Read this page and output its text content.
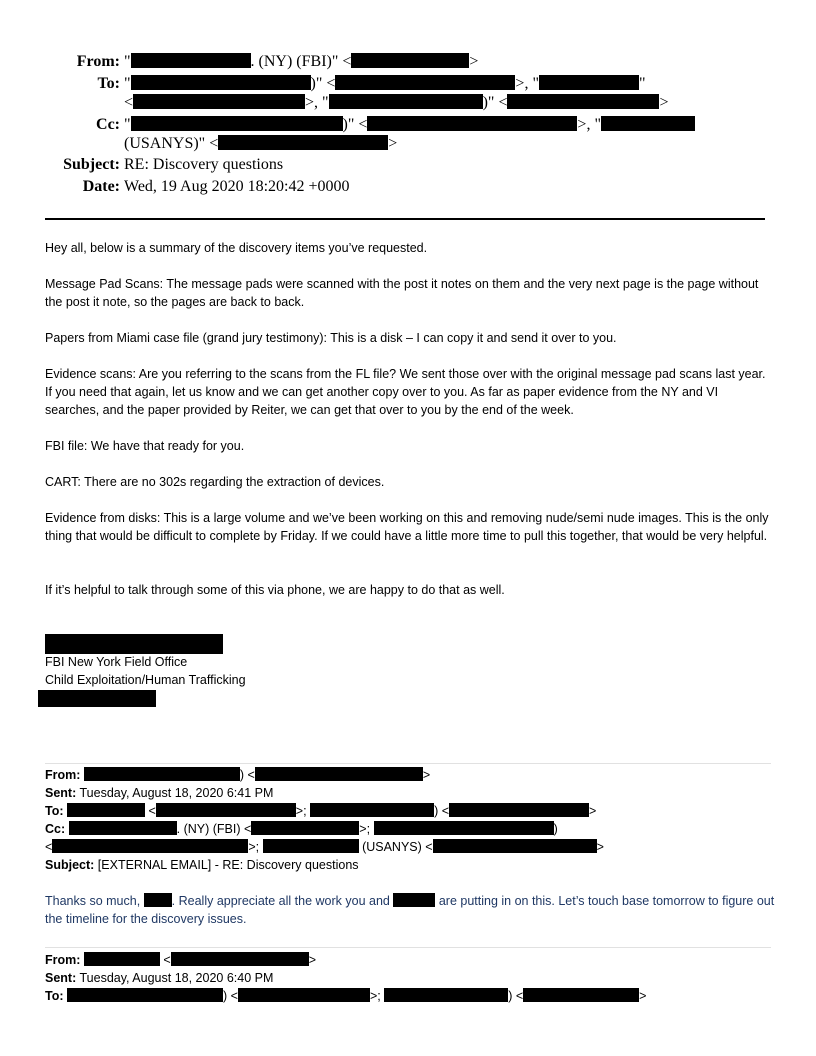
From: "	. (NY) (FBI)" <	>
To: "	)" <	>, "	"
<	>, "	)" <	>
Cc: "	)" <	>, "
(USANYS)" <	>
Subject: RE: Discovery questions
Date: Wed, 19 Aug 2020 18:20:42 +0000

Hey all, below is a summary of the discovery items you’ve requested.

Message Pad Scans: The message pads were scanned with the post it notes on them and the very next page is the page without the post it note, so the pages are back to back.

Papers from Miami case file (grand jury testimony): This is a disk – I can copy it and send it over to you.

Evidence scans: Are you referring to the scans from the FL file? We sent those over with the original message pad scans last year. If you need that again, let us know and we can get another copy over to you. As far as paper evidence from the NY and VI searches, and the paper provided by Reiter, we can get that over to you by the end of the week.

FBI file: We have that ready for you.

CART: There are no 302s regarding the extraction of devices.

Evidence from disks: This is a large volume and we’ve been working on this and removing nude/semi nude images. This is the only thing that would be difficult to complete by Friday. If we could have a little more time to pull this together, that would be very helpful.

If it’s helpful to talk through some of this via phone, we are happy to do that as well.

FBI New York Field Office
Child Exploitation/Human Trafficking
From:	) <	>
Sent: Tuesday, August 18, 2020 6:41 PM
To:	<	>;	) <	>
Cc:	. (NY) (FBI) <	>;	)
<	>;	(USANYS) <	>
Subject: [EXTERNAL EMAIL] - RE: Discovery questions

Thanks so much,	. Really appreciate all the work you and	are putting in on this. Let’s touch base tomorrow to figure out the timeline for the discovery issues.

From:	<	>
Sent: Tuesday, August 18, 2020 6:40 PM
To:	) <	>;	) <	>
